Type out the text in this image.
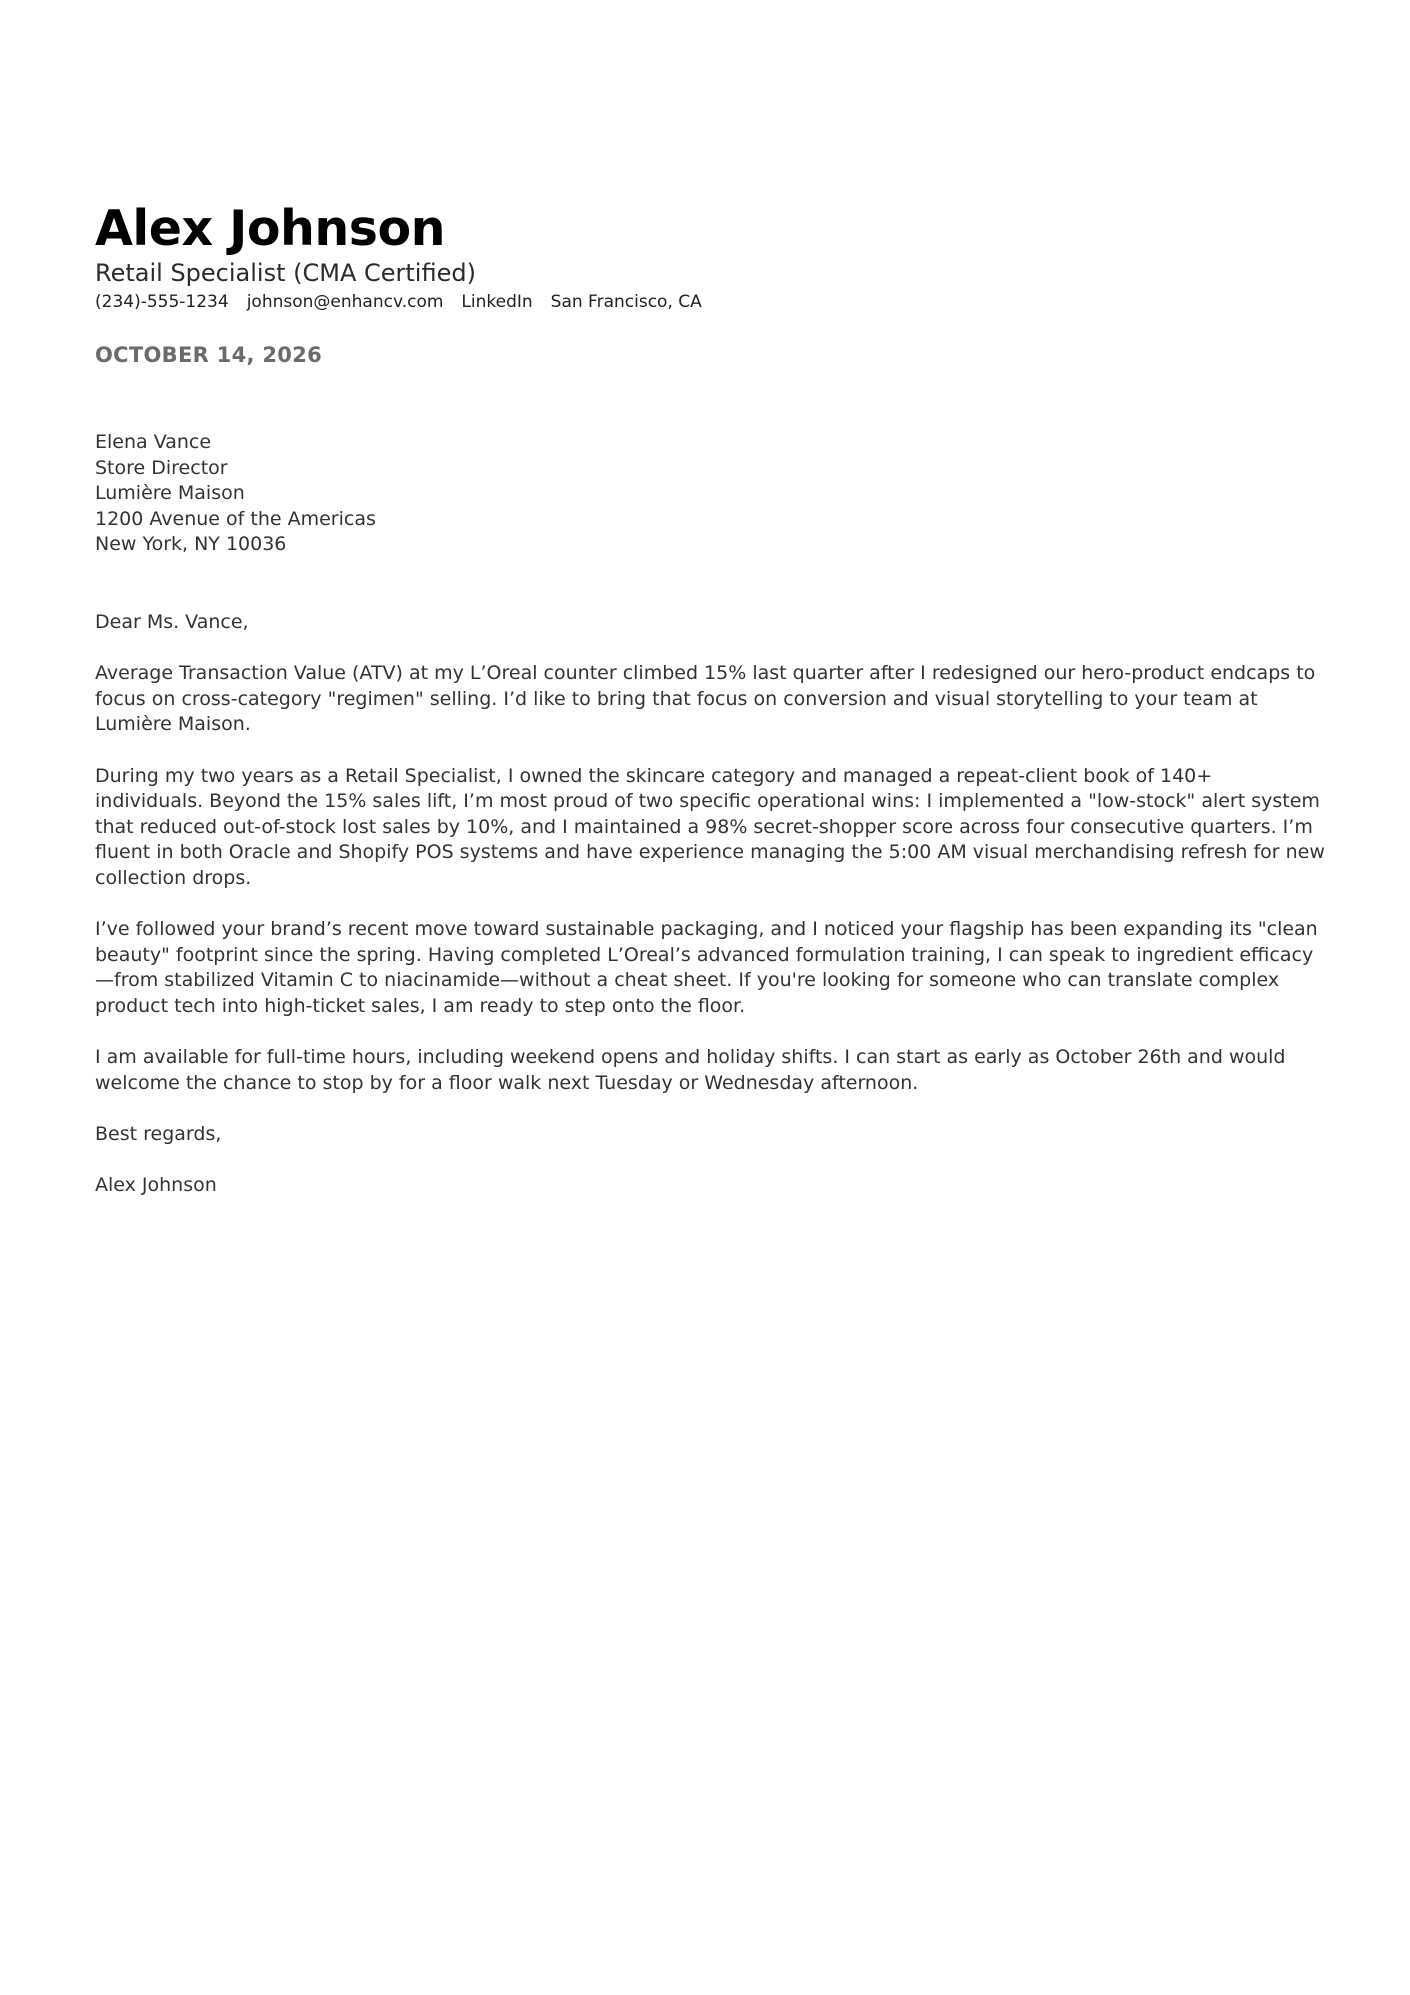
Alex Johnson
Retail Specialist (CMA Certified)
(234)-555-1234 johnson@enhancv.com LinkedIn San Francisco, CA
OCTOBER 14, 2026
Elena Vance
Store Director
Lumière Maison
1200 Avenue of the Americas
New York, NY 10036

Dear Ms. Vance,

Average Transaction Value (ATV) at my L’Oreal counter climbed 15% last quarter after I redesigned our hero-product endcaps to focus on cross-category "regimen" selling. I’d like to bring that focus on conversion and visual storytelling to your team at Lumière Maison.

During my two years as a Retail Specialist, I owned the skincare category and managed a repeat-client book of 140+ individuals. Beyond the 15% sales lift, I’m most proud of two specific operational wins: I implemented a "low-stock" alert system that reduced out-of-stock lost sales by 10%, and I maintained a 98% secret-shopper score across four consecutive quarters. I’m fluent in both Oracle and Shopify POS systems and have experience managing the 5:00 AM visual merchandising refresh for new collection drops.

I’ve followed your brand’s recent move toward sustainable packaging, and I noticed your flagship has been expanding its "clean beauty" footprint since the spring. Having completed L’Oreal’s advanced formulation training, I can speak to ingredient efficacy—from stabilized Vitamin C to niacinamide—without a cheat sheet. If you're looking for someone who can translate complex product tech into high-ticket sales, I am ready to step onto the floor.

I am available for full-time hours, including weekend opens and holiday shifts. I can start as early as October 26th and would welcome the chance to stop by for a floor walk next Tuesday or Wednesday afternoon.

Best regards,

Alex Johnson
